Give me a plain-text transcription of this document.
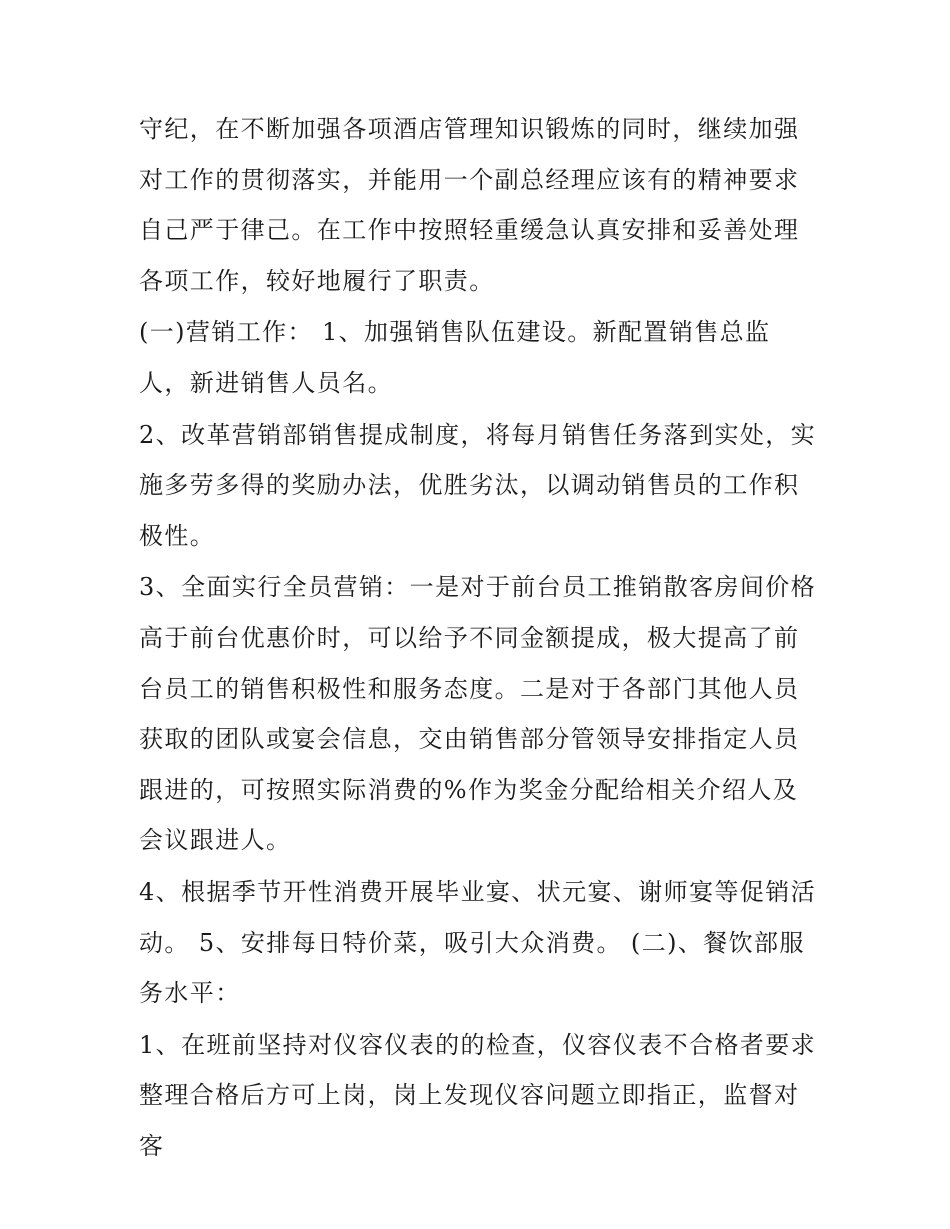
守纪，在不断加强各项酒店管理知识锻炼的同时，继续加强对工作的贯彻落实，并能用一个副总经理应该有的精神要求自己严于律己。在工作中按照轻重缓急认真安排和妥善处理各项工作，较好地履行了职责。

(一)营销工作： 1、加强销售队伍建设。新配置销售总监人，新进销售人员名。

2、改革营销部销售提成制度，将每月销售任务落到实处，实施多劳多得的奖励办法，优胜劣汰，以调动销售员的工作积极性。

3、全面实行全员营销：一是对于前台员工推销散客房间价格高于前台优惠价时，可以给予不同金额提成，极大提高了前台员工的销售积极性和服务态度。二是对于各部门其他人员获取的团队或宴会信息，交由销售部分管领导安排指定人员跟进的，可按照实际消费的%作为奖金分配给相关介绍人及会议跟进人。

4、根据季节开性消费开展毕业宴、状元宴、谢师宴等促销活动。 5、安排每日特价菜，吸引大众消费。 (二)、餐饮部服务水平：

1、在班前坚持对仪容仪表的的检查，仪容仪表不合格者要求整理合格后方可上岗，岗上发现仪容问题立即指正，监督对客
